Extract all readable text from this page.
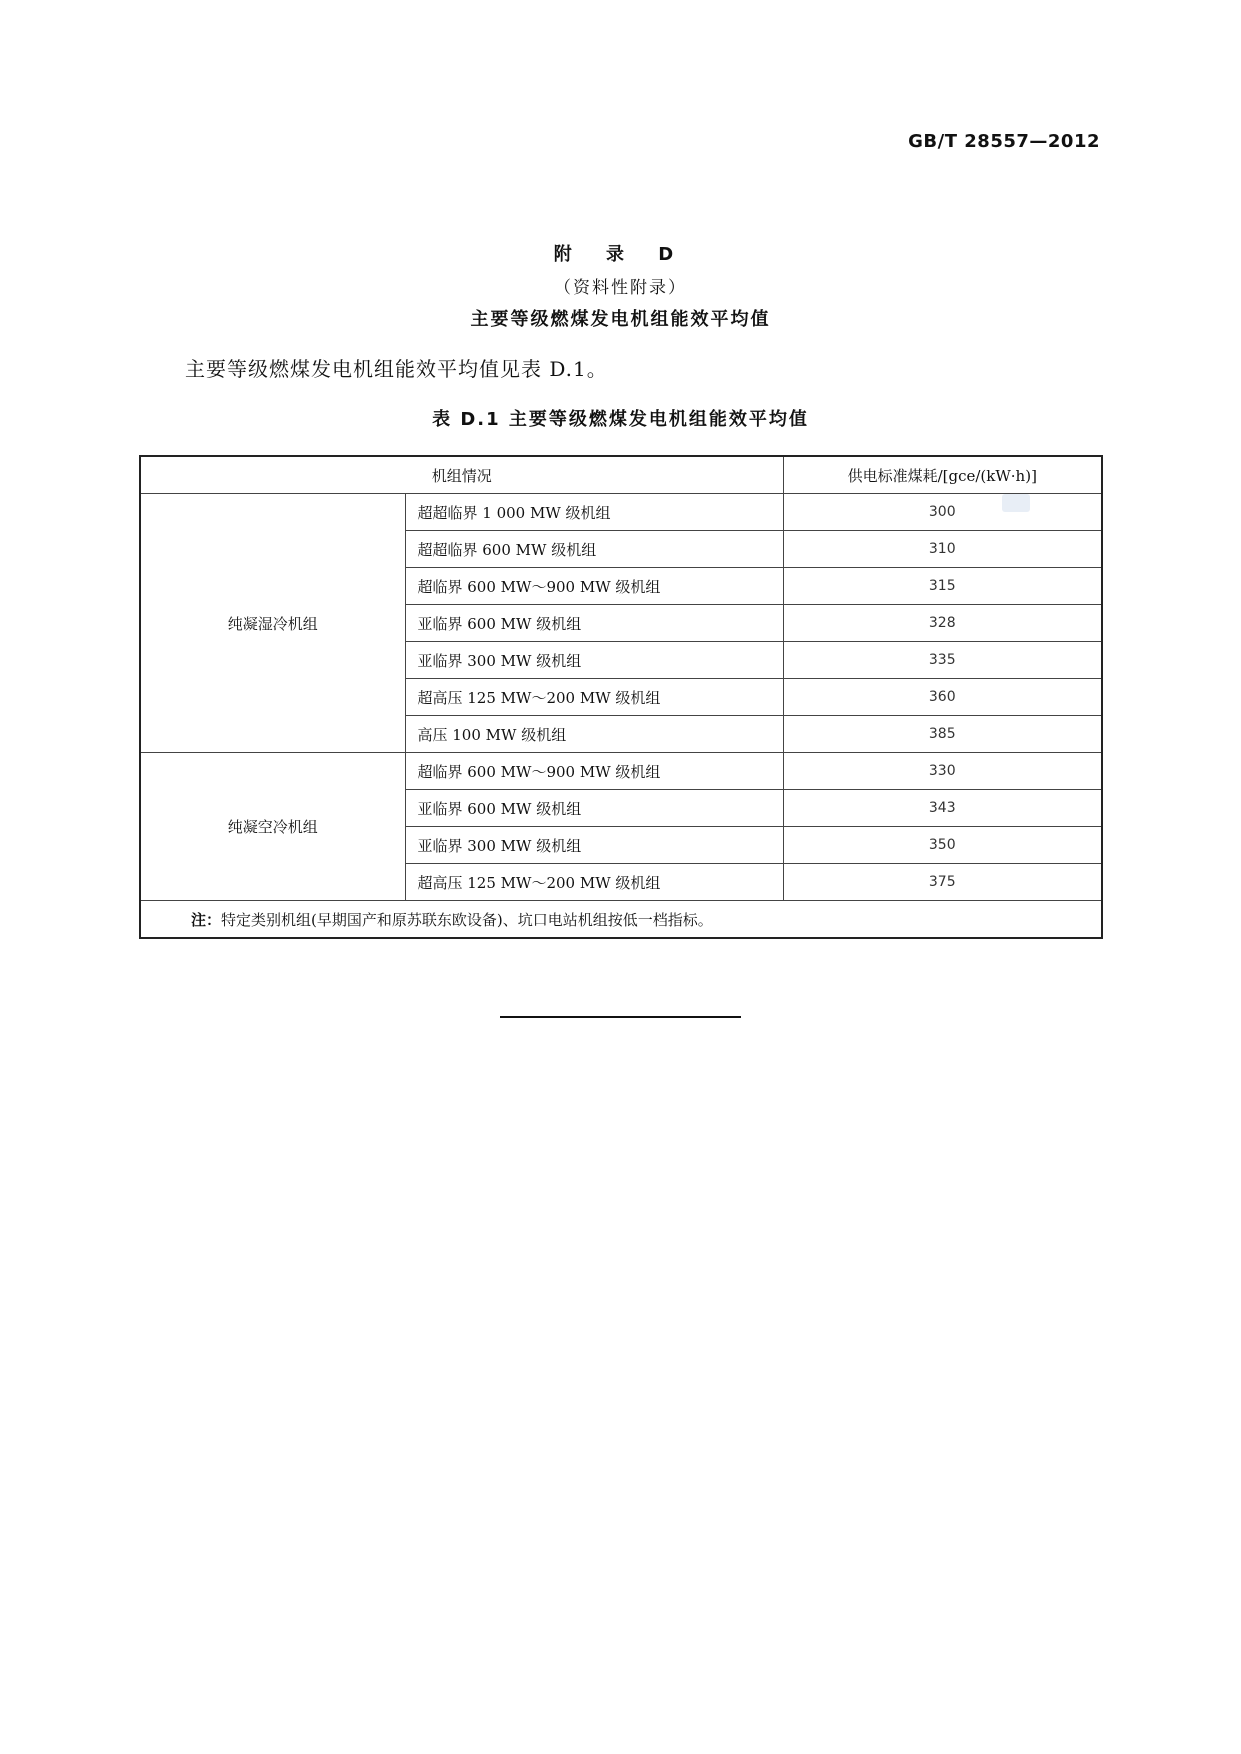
GB/T 28557—2012
附 录 D
（资料性附录）
主要等级燃煤发电机组能效平均值
主要等级燃煤发电机组能效平均值见表 D.1。
表 D.1 主要等级燃煤发电机组能效平均值
机组情况		供电标准煤耗/[gce/(kW·h)]
纯凝湿冷机组	超超临界 1 000 MW 级机组	300
	超超临界 600 MW 级机组	310
	超临界 600 MW～900 MW 级机组	315
	亚临界 600 MW 级机组	328
	亚临界 300 MW 级机组	335
	超高压 125 MW～200 MW 级机组	360
	高压 100 MW 级机组	385
纯凝空冷机组	超临界 600 MW～900 MW 级机组	330
	亚临界 600 MW 级机组	343
	亚临界 300 MW 级机组	350
	超高压 125 MW～200 MW 级机组	375
注：特定类别机组(早期国产和原苏联东欧设备)、坑口电站机组按低一档指标。		
